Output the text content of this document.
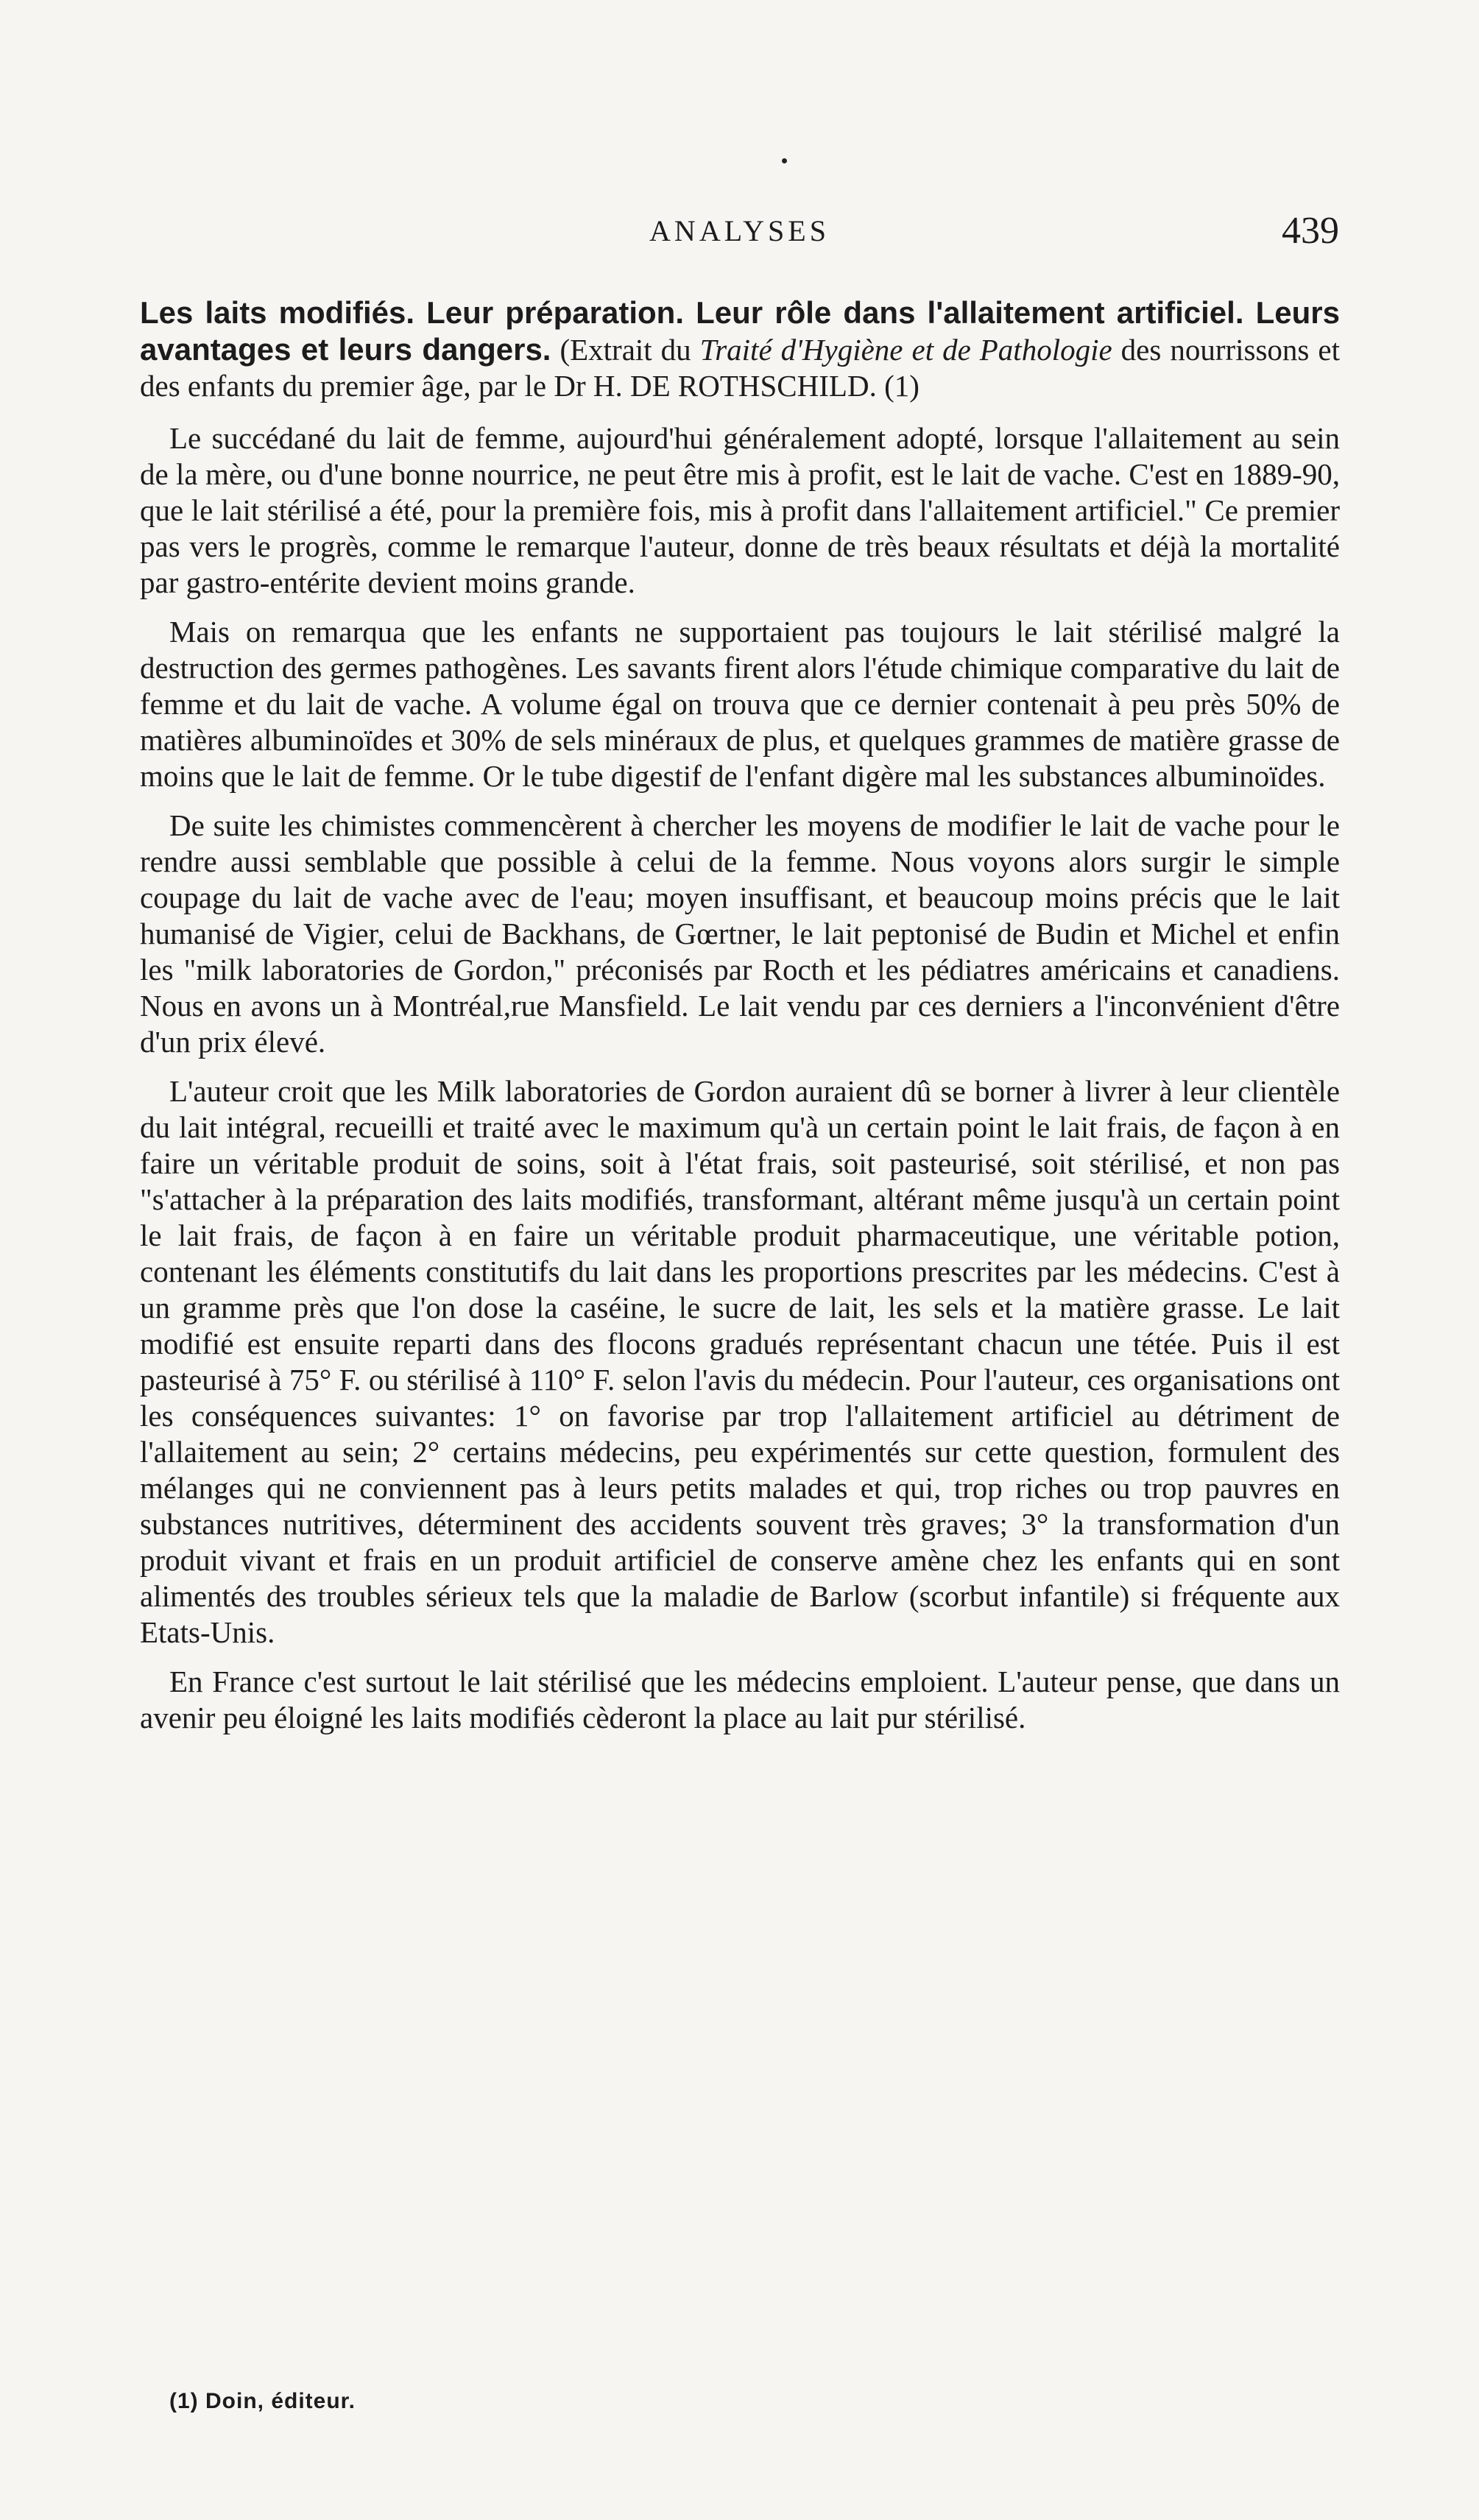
ANALYSES	439

Les laits modifiés. Leur préparation. Leur rôle dans l'allaitement artificiel. Leurs avantages et leurs dangers. (Extrait du Traité d'Hygiène et de Pathologie des nourrissons et des enfants du premier âge, par le Dr H. DE ROTHSCHILD. (1)

Le succédané du lait de femme, aujourd'hui généralement adopté, lorsque l'allaitement au sein de la mère, ou d'une bonne nourrice, ne peut être mis à profit, est le lait de vache. C'est en 1889-90, que le lait stérilisé a été, pour la première fois, mis à profit dans l'allaitement artificiel." Ce premier pas vers le progrès, comme le remarque l'auteur, donne de très beaux résultats et déjà la mortalité par gastro-entérite devient moins grande.

Mais on remarqua que les enfants ne supportaient pas toujours le lait stérilisé malgré la destruction des germes pathogènes. Les savants firent alors l'étude chimique comparative du lait de femme et du lait de vache. A volume égal on trouva que ce dernier contenait à peu près 50% de matières albuminoïdes et 30% de sels minéraux de plus, et quelques grammes de matière grasse de moins que le lait de femme. Or le tube digestif de l'enfant digère mal les substances albuminoïdes.

De suite les chimistes commencèrent à chercher les moyens de modifier le lait de vache pour le rendre aussi semblable que possible à celui de la femme. Nous voyons alors surgir le simple coupage du lait de vache avec de l'eau; moyen insuffisant, et beaucoup moins précis que le lait humanisé de Vigier, celui de Backhans, de Gœrtner, le lait peptonisé de Budin et Michel et enfin les "milk laboratories de Gordon," préconisés par Rocth et les pédiatres américains et canadiens. Nous en avons un à Montréal,rue Mansfield. Le lait vendu par ces derniers a l'inconvénient d'être d'un prix élevé.

L'auteur croit que les Milk laboratories de Gordon auraient dû se borner à livrer à leur clientèle du lait intégral, recueilli et traité avec le maximum qu'à un certain point le lait frais, de façon à en faire un véritable produit de soins, soit à l'état frais, soit pasteurisé, soit stérilisé, et non pas "s'attacher à la préparation des laits modifiés, transformant, altérant même jusqu'à un certain point le lait frais, de façon à en faire un véritable produit pharmaceutique, une véritable potion, contenant les éléments constitutifs du lait dans les proportions prescrites par les médecins. C'est à un gramme près que l'on dose la caséine, le sucre de lait, les sels et la matière grasse. Le lait modifié est ensuite reparti dans des flocons gradués représentant chacun une tétée. Puis il est pasteurisé à 75° F. ou stérilisé à 110° F. selon l'avis du médecin. Pour l'auteur, ces organisations ont les conséquences suivantes: 1° on favorise par trop l'allaitement artificiel au détriment de l'allaitement au sein; 2° certains médecins, peu expérimentés sur cette question, formulent des mélanges qui ne conviennent pas à leurs petits malades et qui, trop riches ou trop pauvres en substances nutritives, déterminent des accidents souvent très graves; 3° la transformation d'un produit vivant et frais en un produit artificiel de conserve amène chez les enfants qui en sont alimentés des troubles sérieux tels que la maladie de Barlow (scorbut infantile) si fréquente aux Etats-Unis.

En France c'est surtout le lait stérilisé que les médecins emploient. L'auteur pense, que dans un avenir peu éloigné les laits modifiés cèderont la place au lait pur stérilisé.

(1) Doin, éditeur.
